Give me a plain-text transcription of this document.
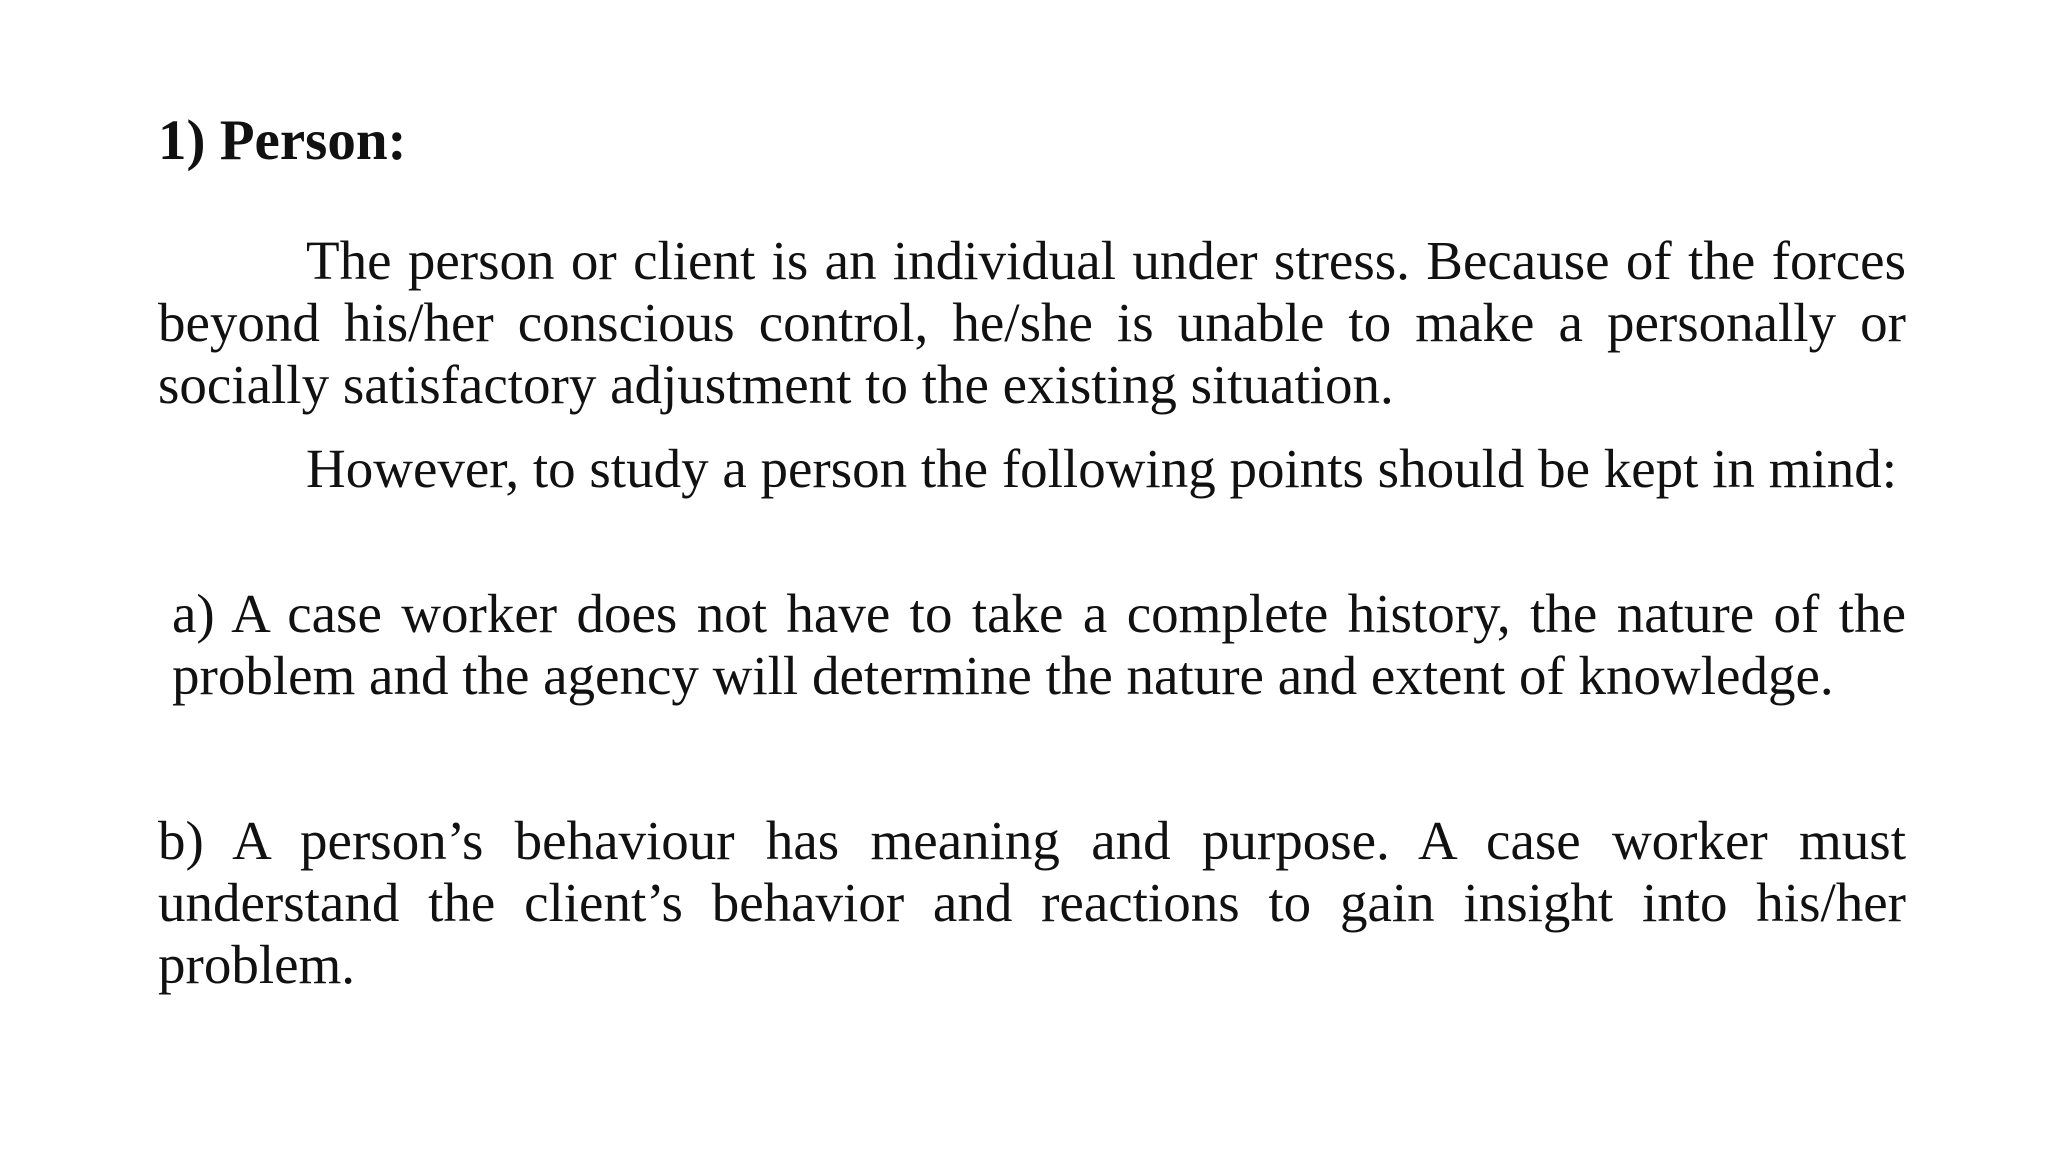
1) Person:

The person or client is an individual under stress. Because of the forces beyond his/her conscious control, he/she is unable to make a personally or socially satisfactory adjustment to the existing situation.

However, to study a person the following points should be kept in mind:

a) A case worker does not have to take a complete history, the nature of the problem and the agency will determine the nature and extent of knowledge.

b) A person’s behaviour has meaning and purpose. A case worker must understand the client’s behavior and reactions to gain insight into his/her problem.
